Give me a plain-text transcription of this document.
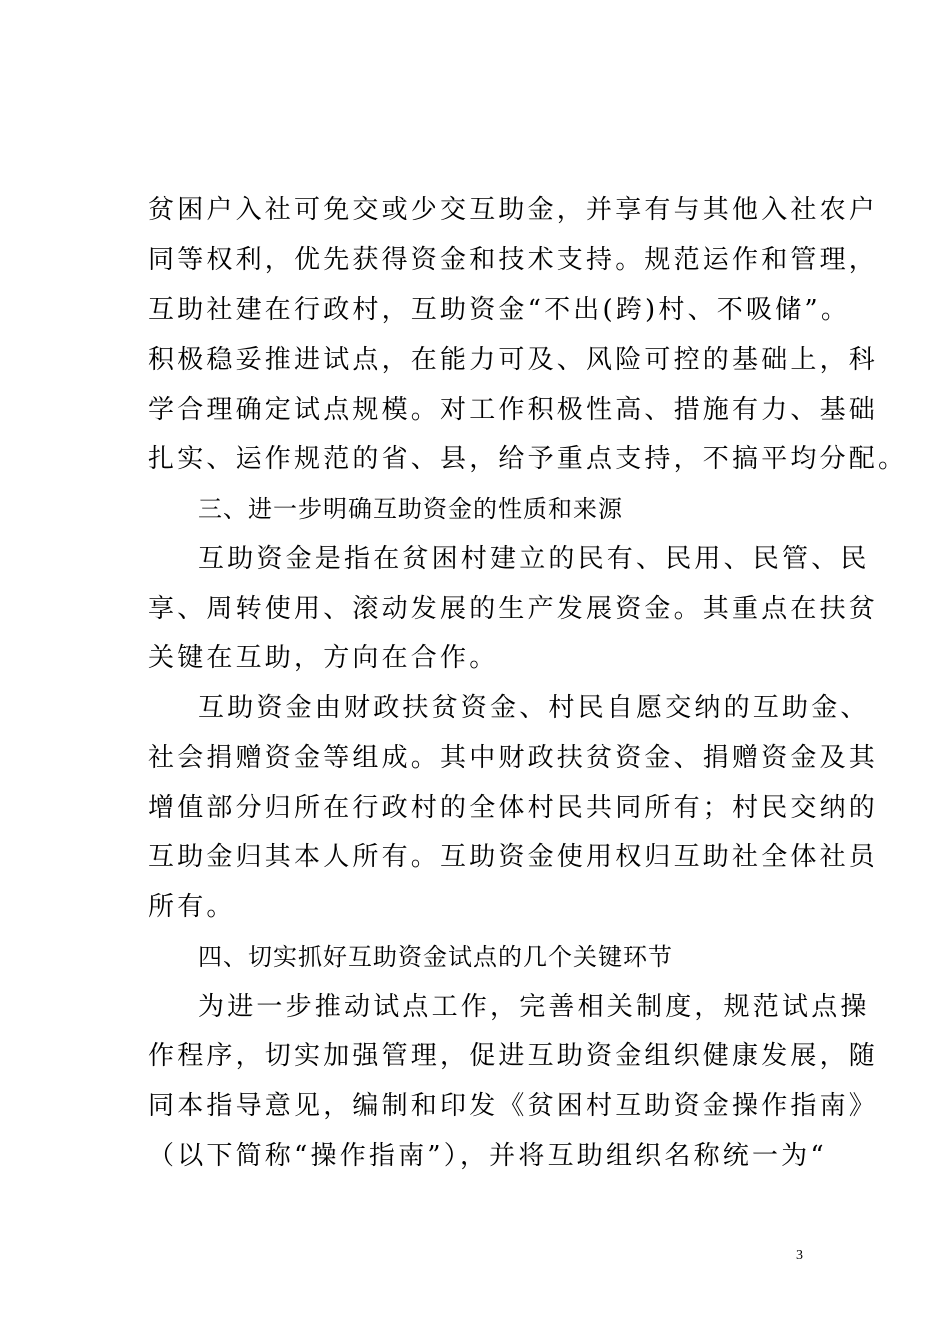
贫困户入社可免交或少交互助金，并享有与其他入社农户
同等权利，优先获得资金和技术支持。规范运作和管理，
互助社建在行政村，互助资金“不出(跨)村、不吸储”。
积极稳妥推进试点，在能力可及、风险可控的基础上，科
学合理确定试点规模。对工作积极性高、措施有力、基础
扎实、运作规范的省、县，给予重点支持，不搞平均分配。
三、进一步明确互助资金的性质和来源
互助资金是指在贫困村建立的民有、民用、民管、民
享、周转使用、滚动发展的生产发展资金。其重点在扶贫
关键在互助，方向在合作。
互助资金由财政扶贫资金、村民自愿交纳的互助金、
社会捐赠资金等组成。其中财政扶贫资金、捐赠资金及其
增值部分归所在行政村的全体村民共同所有；村民交纳的
互助金归其本人所有。互助资金使用权归互助社全体社员
所有。
四、切实抓好互助资金试点的几个关键环节
为进一步推动试点工作，完善相关制度，规范试点操
作程序，切实加强管理，促进互助资金组织健康发展，随
同本指导意见，编制和印发《贫困村互助资金操作指南》
（以下简称“操作指南”），并将互助组织名称统一为“
3
